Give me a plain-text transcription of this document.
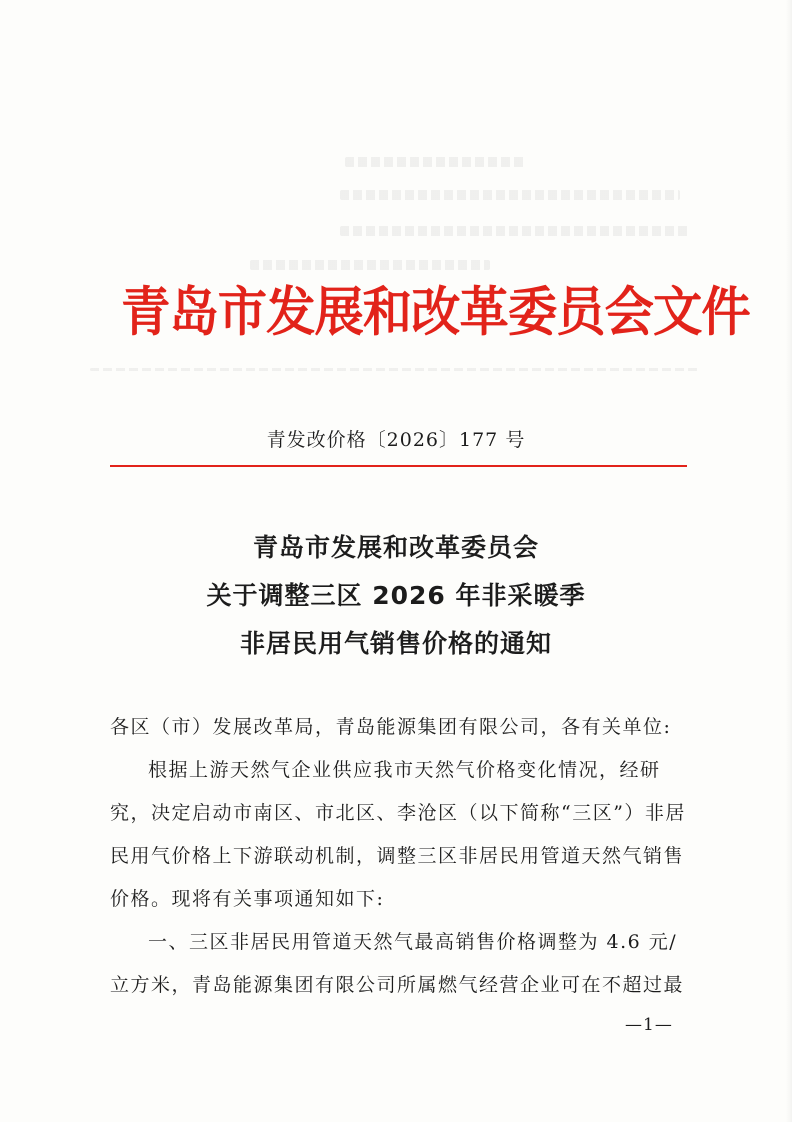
青岛市发展和改革委员会文件
青发改价格〔2026〕177 号
青岛市发展和改革委员会
关于调整三区 2026 年非采暖季
非居民用气销售价格的通知
各区（市）发展改革局，青岛能源集团有限公司，各有关单位:
根据上游天然气企业供应我市天然气价格变化情况，经研
究，决定启动市南区、市北区、李沧区（以下简称“三区”）非居
民用气价格上下游联动机制，调整三区非居民用管道天然气销售
价格。现将有关事项通知如下:
一、三区非居民用管道天然气最高销售价格调整为 4.6 元/
立方米，青岛能源集团有限公司所属燃气经营企业可在不超过最
—1—
